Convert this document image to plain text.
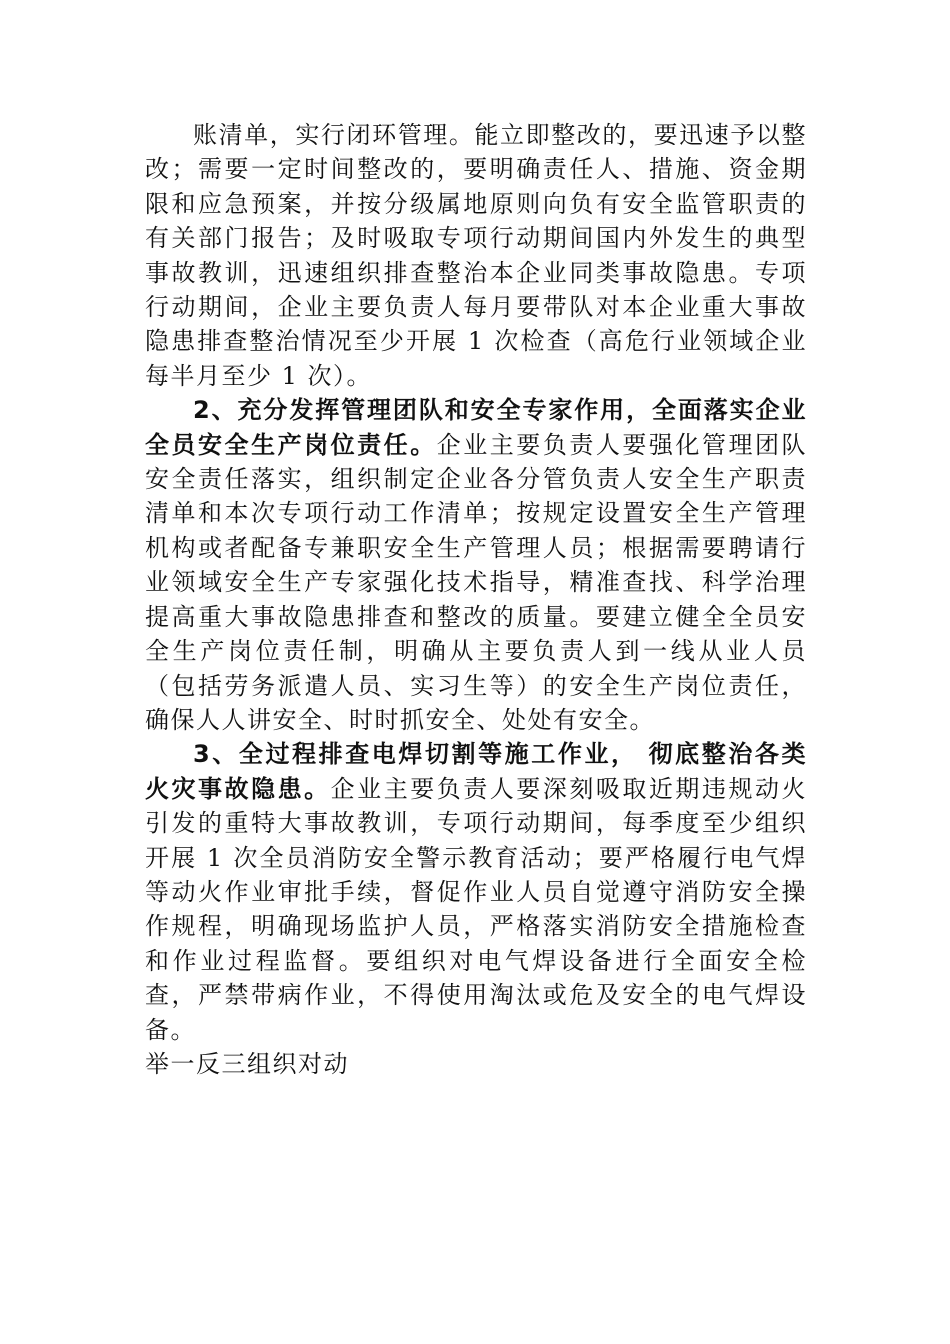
账清单，实行闭环管理。能立即整改的，要迅速予以整改；需要一定时间整改的，要明确责任人、措施、资金期限和应急预案，并按分级属地原则向负有安全监管职责的有关部门报告；及时吸取专项行动期间国内外发生的典型事故教训，迅速组织排查整治本企业同类事故隐患。专项行动期间，企业主要负责人每月要带队对本企业重大事故隐患排查整治情况至少开展 1 次检查（高危行业领域企业每半月至少 1 次）。

2、充分发挥管理团队和安全专家作用，全面落实企业全员安全生产岗位责任。企业主要负责人要强化管理团队安全责任落实，组织制定企业各分管负责人安全生产职责清单和本次专项行动工作清单；按规定设置安全生产管理机构或者配备专兼职安全生产管理人员；根据需要聘请行业领域安全生产专家强化技术指导，精准查找、科学治理提高重大事故隐患排查和整改的质量。要建立健全全员安全生产岗位责任制，明确从主要负责人到一线从业人员（包括劳务派遣人员、实习生等）的安全生产岗位责任，确保人人讲安全、时时抓安全、处处有安全。

3、全过程排查电焊切割等施工作业， 彻底整治各类火灾事故隐患。企业主要负责人要深刻吸取近期违规动火引发的重特大事故教训，专项行动期间，每季度至少组织开展 1 次全员消防安全警示教育活动；要严格履行电气焊等动火作业审批手续，督促作业人员自觉遵守消防安全操作规程，明确现场监护人员，严格落实消防安全措施检查和作业过程监督。要组织对电气焊设备进行全面安全检查，严禁带病作业，不得使用淘汰或危及安全的电气焊设备。

举一反三组织对动
